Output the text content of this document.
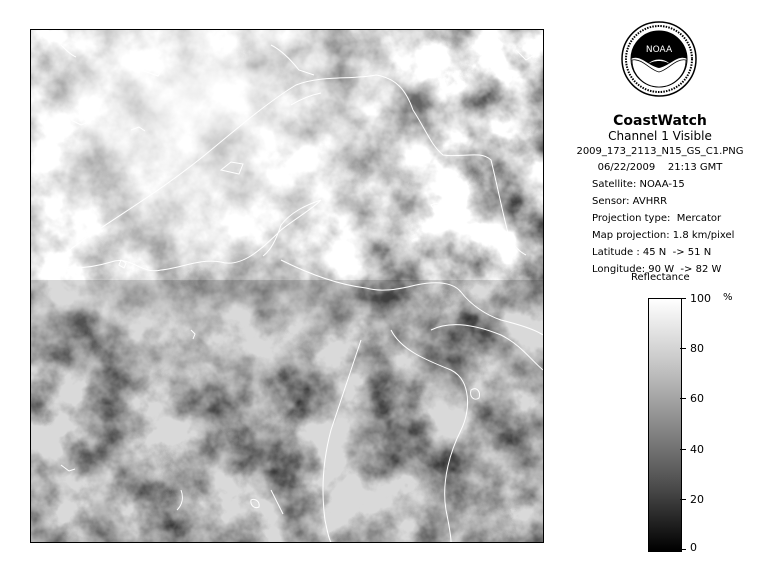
NOAA
CoastWatch
Channel 1 Visible
2009_173_2113_N15_GS_C1.PNG
06/22/2009    21:13 GMT
Satellite: NOAA-15
Sensor: AVHRR
Projection type:  Mercator
Map projection: 1.8 km/pixel
Latitude : 45 N  -> 51 N
Longitude: 90 W  -> 82 W
Reflectance
%
100
80
60
40
20
0
